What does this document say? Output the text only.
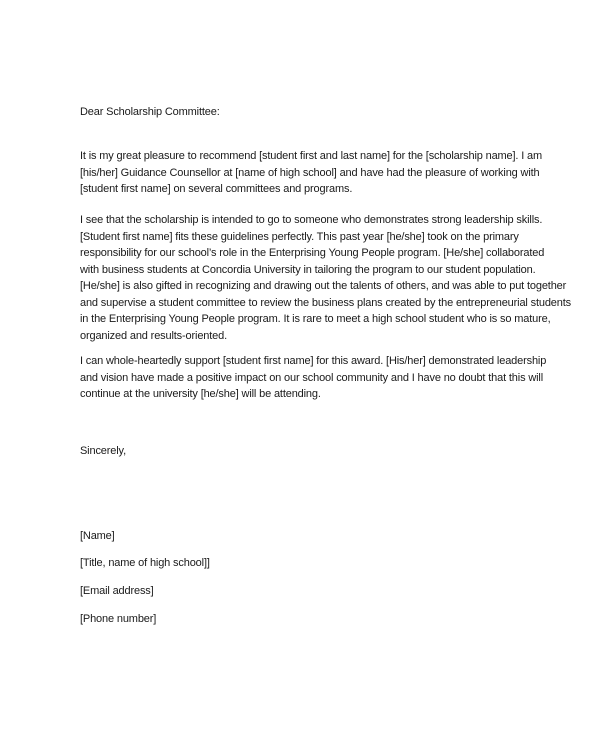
Dear Scholarship Committee:
It is my great pleasure to recommend [student first and last name] for the [scholarship name]. I am
[his/her] Guidance Counsellor at [name of high school] and have had the pleasure of working with
[student first name] on several committees and programs.
I see that the scholarship is intended to go to someone who demonstrates strong leadership skills.
[Student first name] fits these guidelines perfectly. This past year [he/she] took on the primary
responsibility for our school’s role in the Enterprising Young People program. [He/she] collaborated
with business students at Concordia University in tailoring the program to our student population.
[He/she] is also gifted in recognizing and drawing out the talents of others, and was able to put together
and supervise a student committee to review the business plans created by the entrepreneurial students
in the Enterprising Young People program. It is rare to meet a high school student who is so mature,
organized and results-oriented.
I can whole-heartedly support [student first name] for this award. [His/her] demonstrated leadership
and vision have made a positive impact on our school community and I have no doubt that this will
continue at the university [he/she] will be attending.
Sincerely,
[Name]
[Title, name of high school]]
[Email address]
[Phone number]
